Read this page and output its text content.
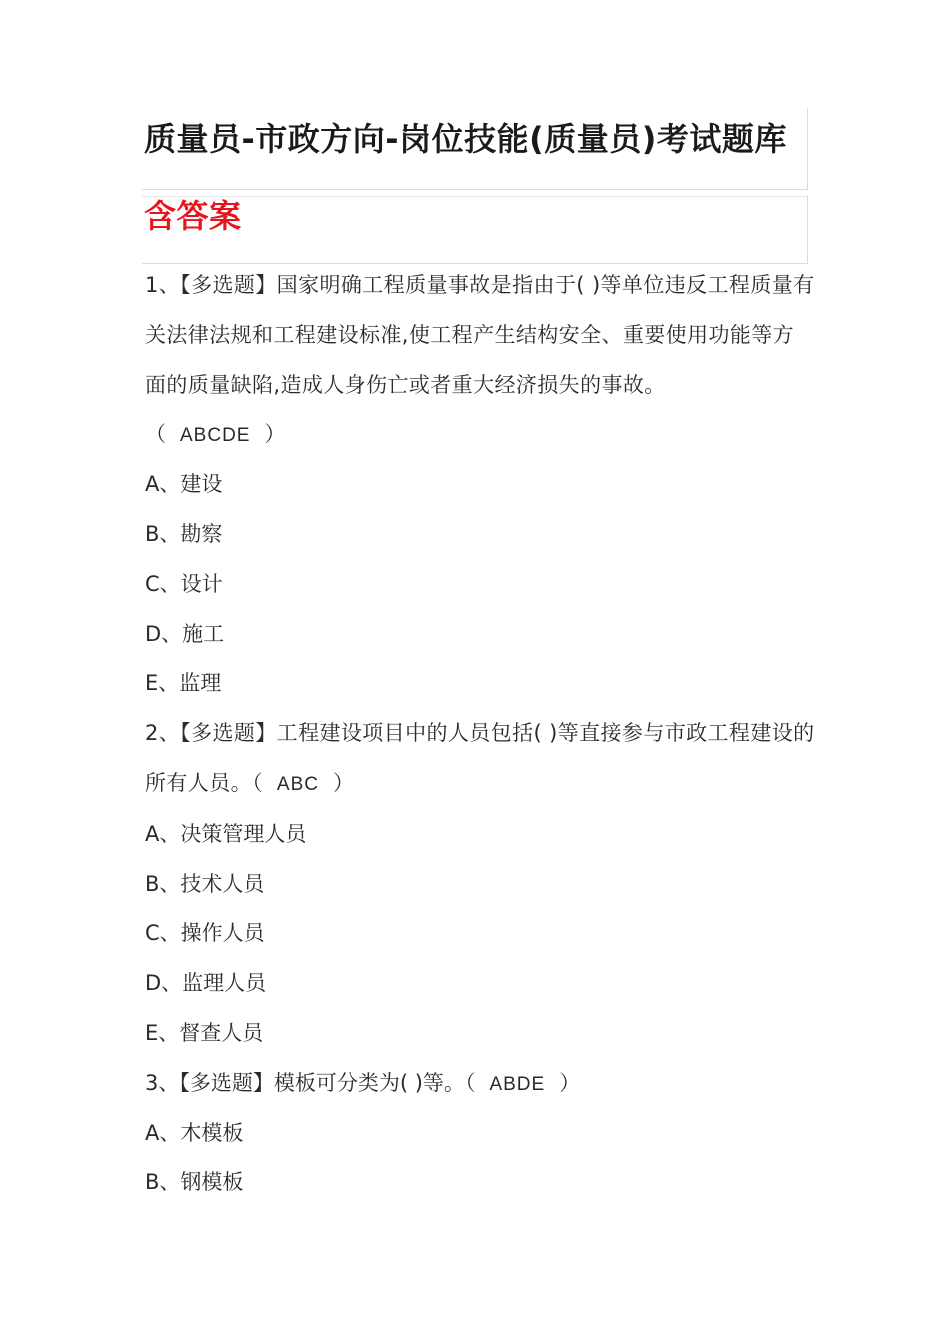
质量员-市政方向-岗位技能(质量员)考试题库
含答案
1、【多选题】国家明确工程质量事故是指由于( )等单位违反工程质量有关法律法规和工程建设标准,使工程产生结构安全、重要使用功能等方面的质量缺陷,造成人身伤亡或者重大经济损失的事故。
（ ABCDE ）
A、建设
B、勘察
C、设计
D、施工
E、监理
2、【多选题】工程建设项目中的人员包括( )等直接参与市政工程建设的所有人员。（ ABC ）
A、决策管理人员
B、技术人员
C、操作人员
D、监理人员
E、督查人员
3、【多选题】模板可分类为( )等。（ ABDE ）
A、木模板
B、钢模板
